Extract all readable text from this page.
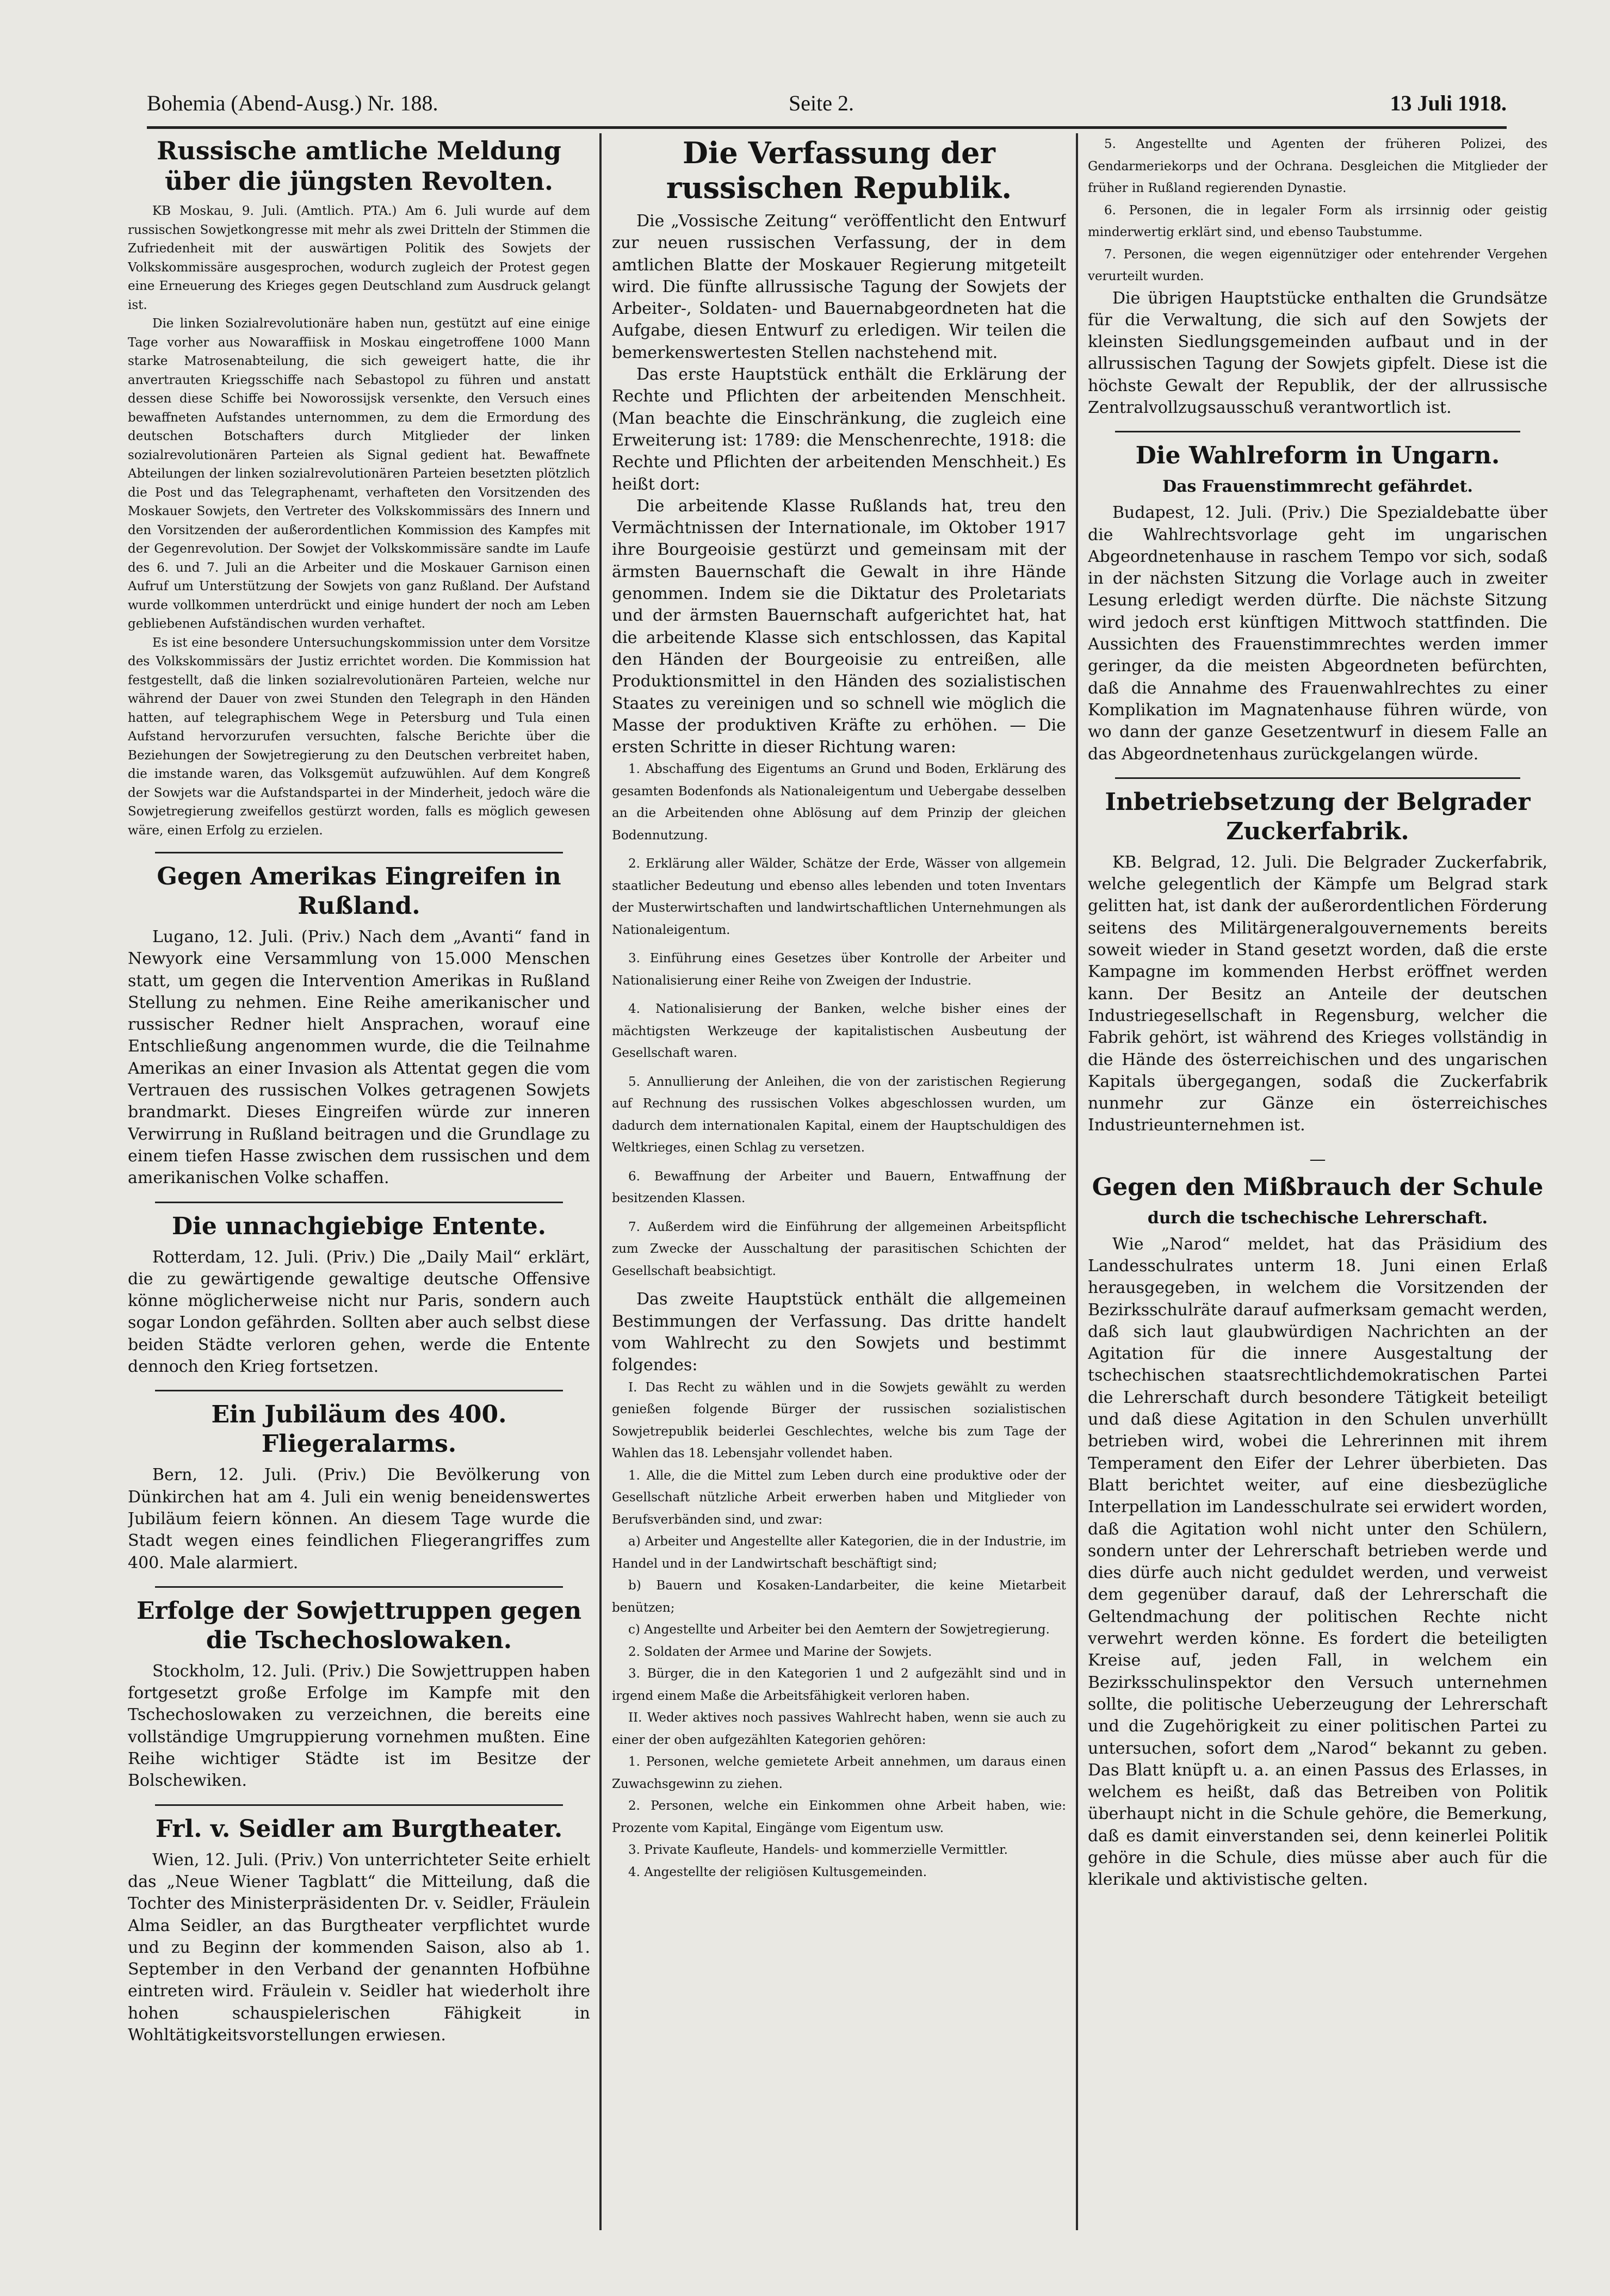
Bohemia (Abend-Ausg.) Nr. 188.	Seite 2.	13 Juli 1918.
Russische amtliche Meldung über die jüngsten Revolten.

KB Moskau, 9. Juli. (Amtlich. PTA.) Am 6. Juli wurde auf dem russischen Sowjetkongresse mit mehr als zwei Dritteln der Stimmen die Zufriedenheit mit der auswärtigen Politik des Sowjets der Volkskommissäre ausgesprochen, wodurch zugleich der Protest gegen eine Erneuerung des Krieges gegen Deutschland zum Ausdruck gelangt ist.

Die linken Sozialrevolutionäre haben nun, gestützt auf eine einige Tage vorher aus Nowaraffiisk in Moskau eingetroffene 1000 Mann starke Matrosenabteilung, die sich geweigert hatte, die ihr anvertrauten Kriegsschiffe nach Sebastopol zu führen und anstatt dessen diese Schiffe bei Noworossijsk versenkte, den Versuch eines bewaffneten Aufstandes unternommen, zu dem die Ermordung des deutschen Botschafters durch Mitglieder der linken sozialrevolutionären Parteien als Signal gedient hat. Bewaffnete Abteilungen der linken sozialrevolutionären Parteien besetzten plötzlich die Post und das Telegraphenamt, verhafteten den Vorsitzenden des Moskauer Sowjets, den Vertreter des Volkskommissärs des Innern und den Vorsitzenden der außerordentlichen Kommission des Kampfes mit der Gegenrevolution. Der Sowjet der Volkskommissäre sandte im Laufe des 6. und 7. Juli an die Arbeiter und die Moskauer Garnison einen Aufruf um Unterstützung der Sowjets von ganz Rußland. Der Aufstand wurde vollkommen unterdrückt und einige hundert der noch am Leben gebliebenen Aufständischen wurden verhaftet.

Es ist eine besondere Untersuchungskommission unter dem Vorsitze des Volkskommissärs der Justiz errichtet worden. Die Kommission hat festgestellt, daß die linken sozialrevolutionären Parteien, welche nur während der Dauer von zwei Stunden den Telegraph in den Händen hatten, auf telegraphischem Wege in Petersburg und Tula einen Aufstand hervorzurufen versuchten, falsche Berichte über die Beziehungen der Sowjetregierung zu den Deutschen verbreitet haben, die imstande waren, das Volksgemüt aufzuwühlen. Auf dem Kongreß der Sowjets war die Aufstandspartei in der Minderheit, jedoch wäre die Sowjetregierung zweifellos gestürzt worden, falls es möglich gewesen wäre, einen Erfolg zu erzielen.

Gegen Amerikas Eingreifen in Rußland.

Lugano, 12. Juli. (Priv.) Nach dem „Avanti“ fand in Newyork eine Versammlung von 15.000 Menschen statt, um gegen die Intervention Amerikas in Rußland Stellung zu nehmen. Eine Reihe amerikanischer und russischer Redner hielt Ansprachen, worauf eine Entschließung angenommen wurde, die die Teilnahme Amerikas an einer Invasion als Attentat gegen die vom Vertrauen des russischen Volkes getragenen Sowjets brandmarkt. Dieses Eingreifen würde zur inneren Verwirrung in Rußland beitragen und die Grundlage zu einem tiefen Hasse zwischen dem russischen und dem amerikanischen Volke schaffen.

Die unnachgiebige Entente.

Rotterdam, 12. Juli. (Priv.) Die „Daily Mail“ erklärt, die zu gewärtigende gewaltige deutsche Offensive könne möglicherweise nicht nur Paris, sondern auch sogar London gefährden. Sollten aber auch selbst diese beiden Städte verloren gehen, werde die Entente dennoch den Krieg fortsetzen.

Ein Jubiläum des 400. Fliegeralarms.

Bern, 12. Juli. (Priv.) Die Bevölkerung von Dünkirchen hat am 4. Juli ein wenig beneidenswertes Jubiläum feiern können. An diesem Tage wurde die Stadt wegen eines feindlichen Fliegerangriffes zum 400. Male alarmiert.

Erfolge der Sowjettruppen gegen die Tschechoslowaken.

Stockholm, 12. Juli. (Priv.) Die Sowjettruppen haben fortgesetzt große Erfolge im Kampfe mit den Tschechoslowaken zu verzeichnen, die bereits eine vollständige Umgruppierung vornehmen mußten. Eine Reihe wichtiger Städte ist im Besitze der Bolschewiken.

Frl. v. Seidler am Burgtheater.

Wien, 12. Juli. (Priv.) Von unterrichteter Seite erhielt das „Neue Wiener Tagblatt“ die Mitteilung, daß die Tochter des Ministerpräsidenten Dr. v. Seidler, Fräulein Alma Seidler, an das Burgtheater verpflichtet wurde und zu Beginn der kommenden Saison, also ab 1. September in den Verband der genannten Hofbühne eintreten wird. Fräulein v. Seidler hat wiederholt ihre hohen schauspielerischen Fähigkeit in Wohltätigkeitsvorstellungen erwiesen.

Die Verfassung der russischen Republik.

Die „Vossische Zeitung“ veröffentlicht den Entwurf zur neuen russischen Verfassung, der in dem amtlichen Blatte der Moskauer Regierung mitgeteilt wird. Die fünfte allrussische Tagung der Sowjets der Arbeiter-, Soldaten- und Bauernabgeordneten hat die Aufgabe, diesen Entwurf zu erledigen. Wir teilen die bemerkenswertesten Stellen nachstehend mit.

Das erste Hauptstück enthält die Erklärung der Rechte und Pflichten der arbeitenden Menschheit. (Man beachte die Einschränkung, die zugleich eine Erweiterung ist: 1789: die Menschenrechte, 1918: die Rechte und Pflichten der arbeitenden Menschheit.) Es heißt dort:

Die arbeitende Klasse Rußlands hat, treu den Vermächtnissen der Internationale, im Oktober 1917 ihre Bourgeoisie gestürzt und gemeinsam mit der ärmsten Bauernschaft die Gewalt in ihre Hände genommen. Indem sie die Diktatur des Proletariats und der ärmsten Bauernschaft aufgerichtet hat, hat die arbeitende Klasse sich entschlossen, das Kapital den Händen der Bourgeoisie zu entreißen, alle Produktionsmittel in den Händen des sozialistischen Staates zu vereinigen und so schnell wie möglich die Masse der produktiven Kräfte zu erhöhen. — Die ersten Schritte in dieser Richtung waren:

1. Abschaffung des Eigentums an Grund und Boden, Erklärung des gesamten Bodenfonds als Nationaleigentum und Uebergabe desselben an die Arbeitenden ohne Ablösung auf dem Prinzip der gleichen Bodennutzung.

2. Erklärung aller Wälder, Schätze der Erde, Wässer von allgemein staatlicher Bedeutung und ebenso alles lebenden und toten Inventars der Musterwirtschaften und landwirtschaftlichen Unternehmungen als Nationaleigentum.

3. Einführung eines Gesetzes über Kontrolle der Arbeiter und Nationalisierung einer Reihe von Zweigen der Industrie.

4. Nationalisierung der Banken, welche bisher eines der mächtigsten Werkzeuge der kapitalistischen Ausbeutung der Gesellschaft waren.

5. Annullierung der Anleihen, die von der zaristischen Regierung auf Rechnung des russischen Volkes abgeschlossen wurden, um dadurch dem internationalen Kapital, einem der Hauptschuldigen des Weltkrieges, einen Schlag zu versetzen.

6. Bewaffnung der Arbeiter und Bauern, Entwaffnung der besitzenden Klassen.

7. Außerdem wird die Einführung der allgemeinen Arbeitspflicht zum Zwecke der Ausschaltung der parasitischen Schichten der Gesellschaft beabsichtigt.

Das zweite Hauptstück enthält die allgemeinen Bestimmungen der Verfassung. Das dritte handelt vom Wahlrecht zu den Sowjets und bestimmt folgendes:

I. Das Recht zu wählen und in die Sowjets gewählt zu werden genießen folgende Bürger der russischen sozialistischen Sowjetrepublik beiderlei Geschlechtes, welche bis zum Tage der Wahlen das 18. Lebensjahr vollendet haben.

1. Alle, die die Mittel zum Leben durch eine produktive oder der Gesellschaft nützliche Arbeit erwerben haben und Mitglieder von Berufsverbänden sind, und zwar:

a) Arbeiter und Angestellte aller Kategorien, die in der Industrie, im Handel und in der Landwirtschaft beschäftigt sind;

b) Bauern und Kosaken-Landarbeiter, die keine Mietarbeit benützen;

c) Angestellte und Arbeiter bei den Aemtern der Sowjetregierung.

2. Soldaten der Armee und Marine der Sowjets.

3. Bürger, die in den Kategorien 1 und 2 aufgezählt sind und in irgend einem Maße die Arbeitsfähigkeit verloren haben.

II. Weder aktives noch passives Wahlrecht haben, wenn sie auch zu einer der oben aufgezählten Kategorien gehören:

1. Personen, welche gemietete Arbeit annehmen, um daraus einen Zuwachsgewinn zu ziehen.

2. Personen, welche ein Einkommen ohne Arbeit haben, wie: Prozente vom Kapital, Eingänge vom Eigentum usw.

3. Private Kaufleute, Handels- und kommerzielle Vermittler.

4. Angestellte der religiösen Kultusgemeinden.

5. Angestellte und Agenten der früheren Polizei, des Gendarmeriekorps und der Ochrana. Desgleichen die Mitglieder der früher in Rußland regierenden Dynastie.

6. Personen, die in legaler Form als irrsinnig oder geistig minderwertig erklärt sind, und ebenso Taubstumme.

7. Personen, die wegen eigennütziger oder entehrender Vergehen verurteilt wurden.

Die übrigen Hauptstücke enthalten die Grundsätze für die Verwaltung, die sich auf den Sowjets der kleinsten Siedlungsgemeinden aufbaut und in der allrussischen Tagung der Sowjets gipfelt. Diese ist die höchste Gewalt der Republik, der der allrussische Zentralvollzugsausschuß verantwortlich ist.

Die Wahlreform in Ungarn.
Das Frauenstimmrecht gefährdet.

Budapest, 12. Juli. (Priv.) Die Spezialdebatte über die Wahlrechtsvorlage geht im ungarischen Abgeordnetenhause in raschem Tempo vor sich, sodaß in der nächsten Sitzung die Vorlage auch in zweiter Lesung erledigt werden dürfte. Die nächste Sitzung wird jedoch erst künftigen Mittwoch stattfinden. Die Aussichten des Frauenstimmrechtes werden immer geringer, da die meisten Abgeordneten befürchten, daß die Annahme des Frauenwahlrechtes zu einer Komplikation im Magnatenhause führen würde, von wo dann der ganze Gesetzentwurf in diesem Falle an das Abgeordnetenhaus zurückgelangen würde.

Inbetriebsetzung der Belgrader Zuckerfabrik.

KB. Belgrad, 12. Juli. Die Belgrader Zuckerfabrik, welche gelegentlich der Kämpfe um Belgrad stark gelitten hat, ist dank der außerordentlichen Förderung seitens des Militärgeneralgouvernements bereits soweit wieder in Stand gesetzt worden, daß die erste Kampagne im kommenden Herbst eröffnet werden kann. Der Besitz an Anteile der deutschen Industriegesellschaft in Regensburg, welcher die Fabrik gehört, ist während des Krieges vollständig in die Hände des österreichischen und des ungarischen Kapitals übergegangen, sodaß die Zuckerfabrik nunmehr zur Gänze ein österreichisches Industrieunternehmen ist.

—
Gegen den Mißbrauch der Schule
durch die tschechische Lehrerschaft.

Wie „Narod“ meldet, hat das Präsidium des Landesschulrates unterm 18. Juni einen Erlaß herausgegeben, in welchem die Vorsitzenden der Bezirksschulräte darauf aufmerksam gemacht werden, daß sich laut glaubwürdigen Nachrichten an der Agitation für die innere Ausgestaltung der tschechischen staatsrechtlichdemokratischen Partei die Lehrerschaft durch besondere Tätigkeit beteiligt und daß diese Agitation in den Schulen unverhüllt betrieben wird, wobei die Lehrerinnen mit ihrem Temperament den Eifer der Lehrer überbieten. Das Blatt berichtet weiter, auf eine diesbezügliche Interpellation im Landesschulrate sei erwidert worden, daß die Agitation wohl nicht unter den Schülern, sondern unter der Lehrerschaft betrieben werde und dies dürfe auch nicht geduldet werden, und verweist dem gegenüber darauf, daß der Lehrerschaft die Geltendmachung der politischen Rechte nicht verwehrt werden könne. Es fordert die beteiligten Kreise auf, jeden Fall, in welchem ein Bezirksschulinspektor den Versuch unternehmen sollte, die politische Ueberzeugung der Lehrerschaft und die Zugehörigkeit zu einer politischen Partei zu untersuchen, sofort dem „Narod“ bekannt zu geben. Das Blatt knüpft u. a. an einen Passus des Erlasses, in welchem es heißt, daß das Betreiben von Politik überhaupt nicht in die Schule gehöre, die Bemerkung, daß es damit einverstanden sei, denn keinerlei Politik gehöre in die Schule, dies müsse aber auch für die klerikale und aktivistische gelten.
